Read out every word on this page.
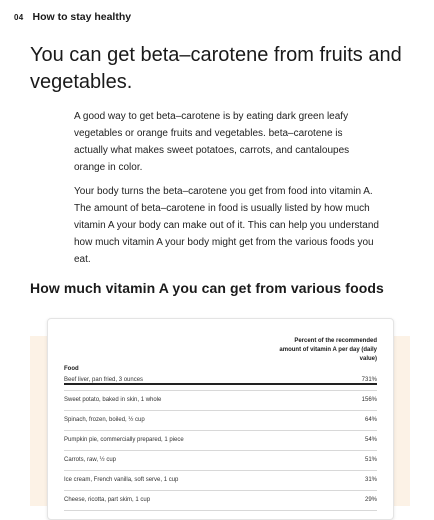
04 How to stay healthy
You can get beta–carotene from fruits and vegetables.

A good way to get beta–carotene is by eating dark green leafy vegetables or orange fruits and vegetables. beta–carotene is actually what makes sweet potatoes, carrots, and cantaloupes orange in color.

Your body turns the beta–carotene you get from food into vitamin A. The amount of beta–carotene in food is usually listed by how much vitamin A your body can make out of it. This can help you understand how much vitamin A your body might get from the various foods you eat.

How much vitamin A you can get from various foods
Food
Percent of the recommended amount of vitamin A per day (daily value)
Beef liver, pan fried, 3 ounces	731%
Sweet potato, baked in skin, 1 whole	156%
Spinach, frozen, boiled, ½ cup	64%
Pumpkin pie, commercially prepared, 1 piece	54%
Carrots, raw, ½ cup	51%
Ice cream, French vanilla, soft serve, 1 cup	31%
Cheese, ricotta, part skim, 1 cup	29%
